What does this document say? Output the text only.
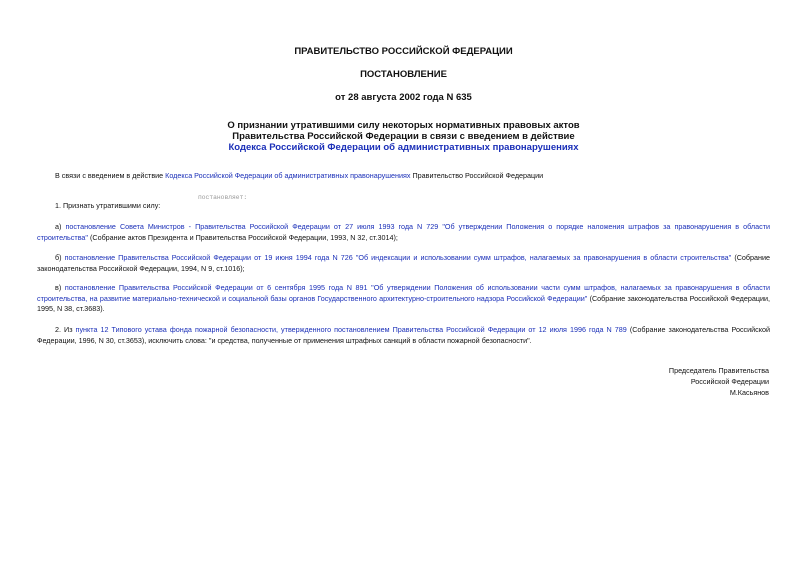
ПРАВИТЕЛЬСТВО РОССИЙСКОЙ ФЕДЕРАЦИИ
ПОСТАНОВЛЕНИЕ
от 28 августа 2002 года N 635
О признании утратившими силу некоторых нормативных правовых актов
Правительства Российской Федерации в связи с введением в действие
Кодекса Российской Федерации об административных правонарушениях
В связи с введением в действие Кодекса Российской Федерации об административных правонарушениях Правительство Российской Федерации
постановляет:
1. Признать утратившими силу:
а) постановление Совета Министров - Правительства Российской Федерации от 27 июля 1993 года N 729 "Об утверждении Положения о порядке наложения штрафов за правонарушения в области строительства" (Собрание актов Президента и Правительства Российской Федерации, 1993, N 32, ст.3014);
б) постановление Правительства Российской Федерации от 19 июня 1994 года N 726 "Об индексации и использовании сумм штрафов, налагаемых за правонарушения в области строительства" (Собрание законодательства Российской Федерации, 1994, N 9, ст.1016);
в) постановление Правительства Российской Федерации от 6 сентября 1995 года N 891 "Об утверждении Положения об использовании части сумм штрафов, налагаемых за правонарушения в области строительства, на развитие материально-технической и социальной базы органов Государственного архитектурно-строительного надзора Российской Федерации" (Собрание законодательства Российской Федерации, 1995, N 38, ст.3683).
2. Из пункта 12 Типового устава фонда пожарной безопасности, утвержденного постановлением Правительства Российской Федерации от 12 июля 1996 года N 789 (Собрание законодательства Российской Федерации, 1996, N 30, ст.3653), исключить слова: "и средства, полученные от применения штрафных санкций в области пожарной безопасности".
Председатель Правительства
Российской Федерации
М.Касьянов
